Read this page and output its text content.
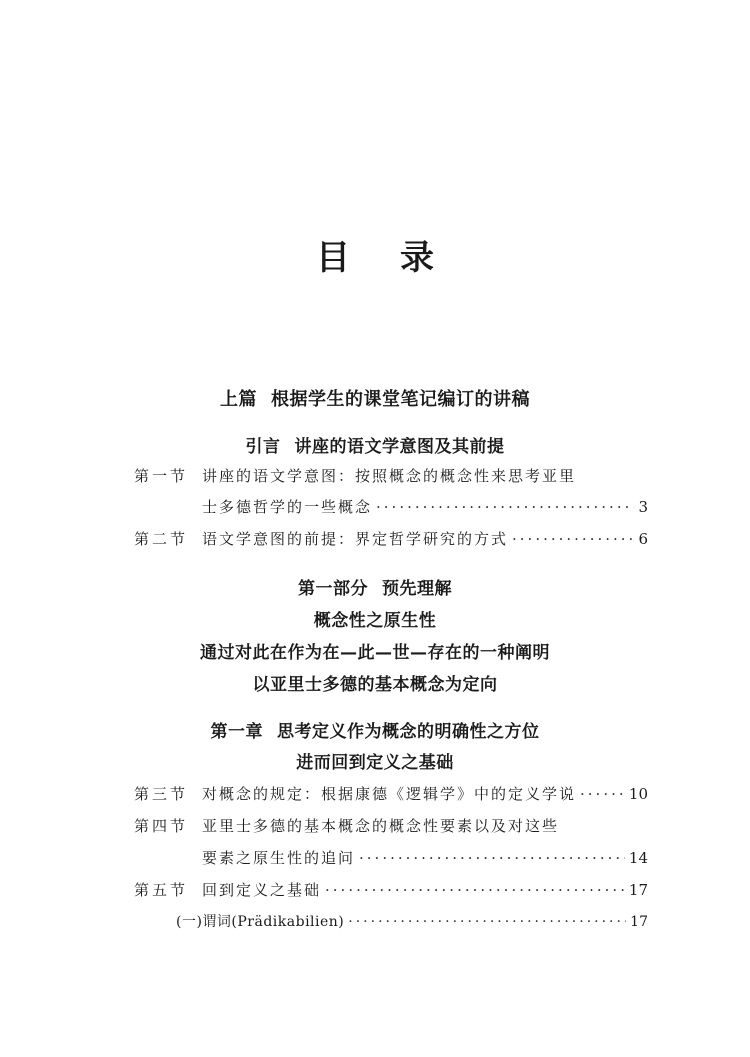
目 录
上篇 根据学生的课堂笔记编订的讲稿
引言 讲座的语文学意图及其前提
第一节 讲座的语文学意图：按照概念的概念性来思考亚里
士多德哲学的一些概念 ·····	3
第二节 语文学意图的前提：界定哲学研究的方式 ·····	6
第一部分 预先理解
概念性之原生性
通过对此在作为在—此—世—存在的一种阐明
以亚里士多德的基本概念为定向
第一章 思考定义作为概念的明确性之方位
进而回到定义之基础
第三节 对概念的规定：根据康德《逻辑学》中的定义学说 ·····	10
第四节 亚里士多德的基本概念的概念性要素以及对这些
要素之原生性的追问 ·····	14
第五节 回到定义之基础 ·····	17
(一)谓词(Prädikabilien) ·····	17
